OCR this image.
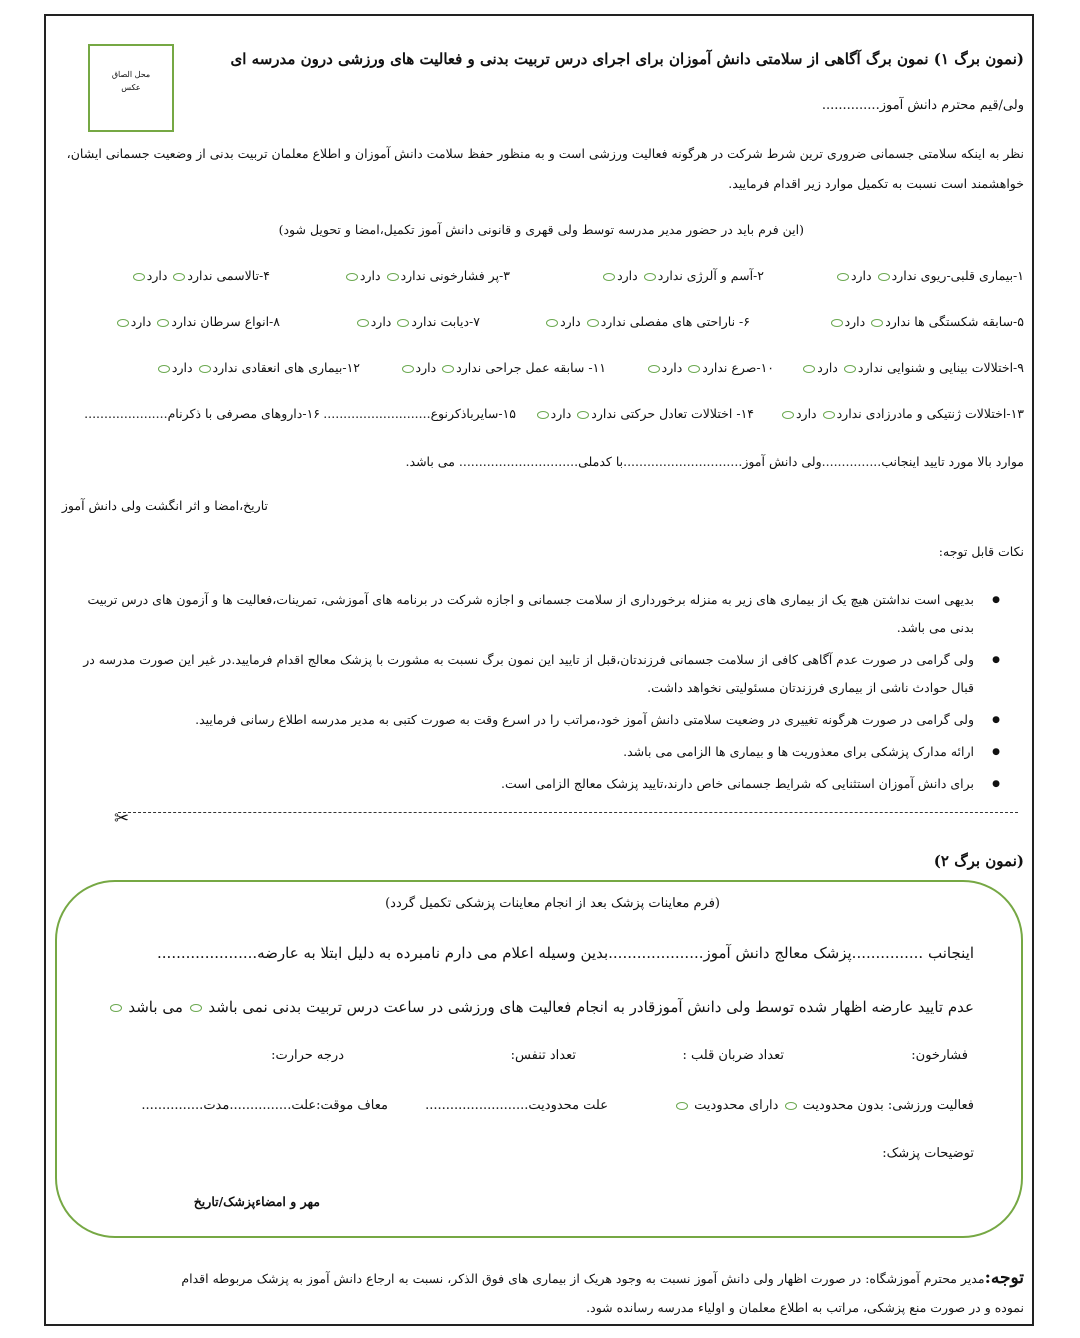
محل الصاق
عکس
(نمون برگ ۱) نمون برگ آگاهی از سلامتی دانش آموزان برای اجرای درس تربیت بدنی و فعالیت های ورزشی درون مدرسه ای
ولی/قیم محترم دانش آموز..............
نظر به اینکه سلامتی جسمانی ضروری ترین شرط شرکت در هرگونه فعالیت ورزشی است و به منظور حفظ سلامت دانش آموزان و اطلاع معلمان تربیت بدنی از وضعیت جسمانی ایشان،
خواهشمند است نسبت به تکمیل موارد زیر اقدام فرمایید.
(این فرم باید در حضور مدیر مدرسه توسط ولی قهری و قانونی دانش آموز تکمیل،امضا و تحویل شود)
۱-بیماری قلبی-ریوی ندارد دارد
۲-آسم و آلرژی ندارد دارد
۳-پر فشارخونی ندارد دارد
۴-تالاسمی ندارد دارد
۵-سابقه شکستگی ها ندارد دارد
۶- ناراحتی های مفصلی ندارد دارد
۷-دیابت ندارد دارد
۸-انواع سرطان ندارد دارد
۹-اختلالات بینایی و شنوایی ندارد دارد
۱۰-صرع ندارد دارد
۱۱- سابقه عمل جراحی ندارد دارد
۱۲-بیماری های انعقادی ندارد دارد
۱۳-اختلالات ژنتیکی و مادرزادی ندارد دارد
۱۴- اختلالات تعادل حرکتی ندارد دارد
۱۵-سایرباذکرنوع...........................
۱۶-داروهای مصرفی با ذکرنام.....................
موارد بالا مورد تایید اینجانب...............ولی دانش آموز..............................با کدملی.............................. می باشد.
تاریخ،امضا و اثر انگشت ولی دانش آموز
نکات قابل توجه:
● بدیهی است نداشتن هیچ یک از بیماری های زیر به منزله برخورداری از سلامت جسمانی و اجازه شرکت در برنامه های آموزشی، تمرینات،فعالیت ها و آزمون های درس تربیت بدنی می باشد.
● ولی گرامی در صورت عدم آگاهی کافی از سلامت جسمانی فرزندتان،قبل از تایید این نمون برگ نسبت به مشورت با پزشک معالج اقدام فرمایید.در غیر این صورت مدرسه در قبال حوادث ناشی از بیماری فرزندتان مسئولیتی نخواهد داشت.
● ولی گرامی در صورت هرگونه تغییری در وضعیت سلامتی دانش آموز خود،مراتب را در اسرع وقت به صورت کتبی به مدیر مدرسه اطلاع رسانی فرمایید.
● ارائه مدارک پزشکی برای معذوریت ها و بیماری ها الزامی می باشد.
● برای دانش آموزان استثنایی که شرایط جسمانی خاص دارند،تایید پزشک معالج الزامی است.
✂
(نمون برگ ۲)
(فرم معاینات پزشک بعد از انجام معاینات پزشکی تکمیل گردد)
اینجانب ...............پزشک معالج دانش آموز....................بدین وسیله اعلام می دارم نامبرده به دلیل ابتلا به عارضه.....................
عدم تایید عارضه اظهار شده توسط ولی دانش آموزقادر به انجام فعالیت های ورزشی در ساعت درس تربیت بدنی نمی باشد  می باشد
فشارخون:
تعداد ضربان قلب :
تعداد تنفس:
درجه حرارت:
فعالیت ورزشی: بدون محدودیت  دارای محدودیت
علت محدودیت.........................
معاف موقت:علت...............مدت...............
توضیحات پزشک:
مهر و امضاءپزشک/تاریخ
توجه:مدیر محترم آموزشگاه: در صورت اظهار ولی دانش آموز نسبت به وجود هریک از بیماری های فوق الذکر، نسبت به ارجاع دانش آموز به پزشک مربوطه اقدام
نموده و در صورت منع پزشکی، مراتب به اطلاع معلمان و اولیاء مدرسه رسانده شود.
